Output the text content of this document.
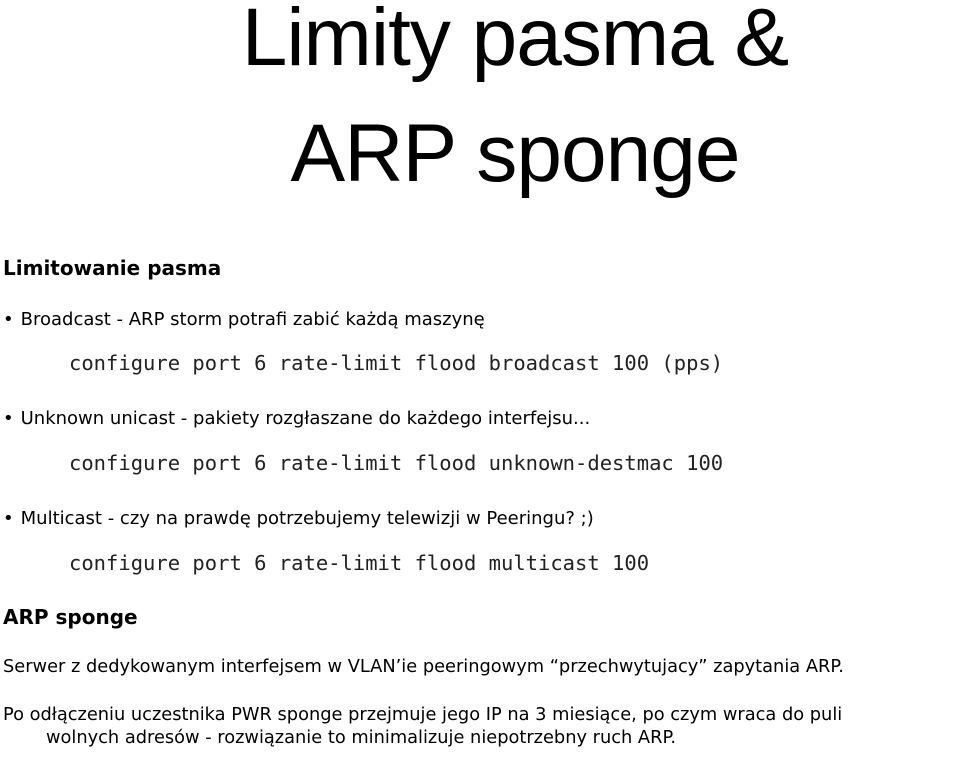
Limity pasma &
ARP sponge
Limitowanie pasma
• Broadcast - ARP storm potrafi zabić każdą maszynę
configure port 6 rate-limit flood broadcast 100 (pps)
• Unknown unicast - pakiety rozgłaszane do każdego interfejsu...
configure port 6 rate-limit flood unknown-destmac 100
• Multicast - czy na prawdę potrzebujemy telewizji w Peeringu? ;)
configure port 6 rate-limit flood multicast 100
ARP sponge
Serwer z dedykowanym interfejsem w VLAN’ie peeringowym “przechwytujacy” zapytania ARP.
Po odłączeniu uczestnika PWR sponge przejmuje jego IP na 3 miesiące, po czym wraca do puli
wolnych adresów - rozwiązanie to minimalizuje niepotrzebny ruch ARP.
